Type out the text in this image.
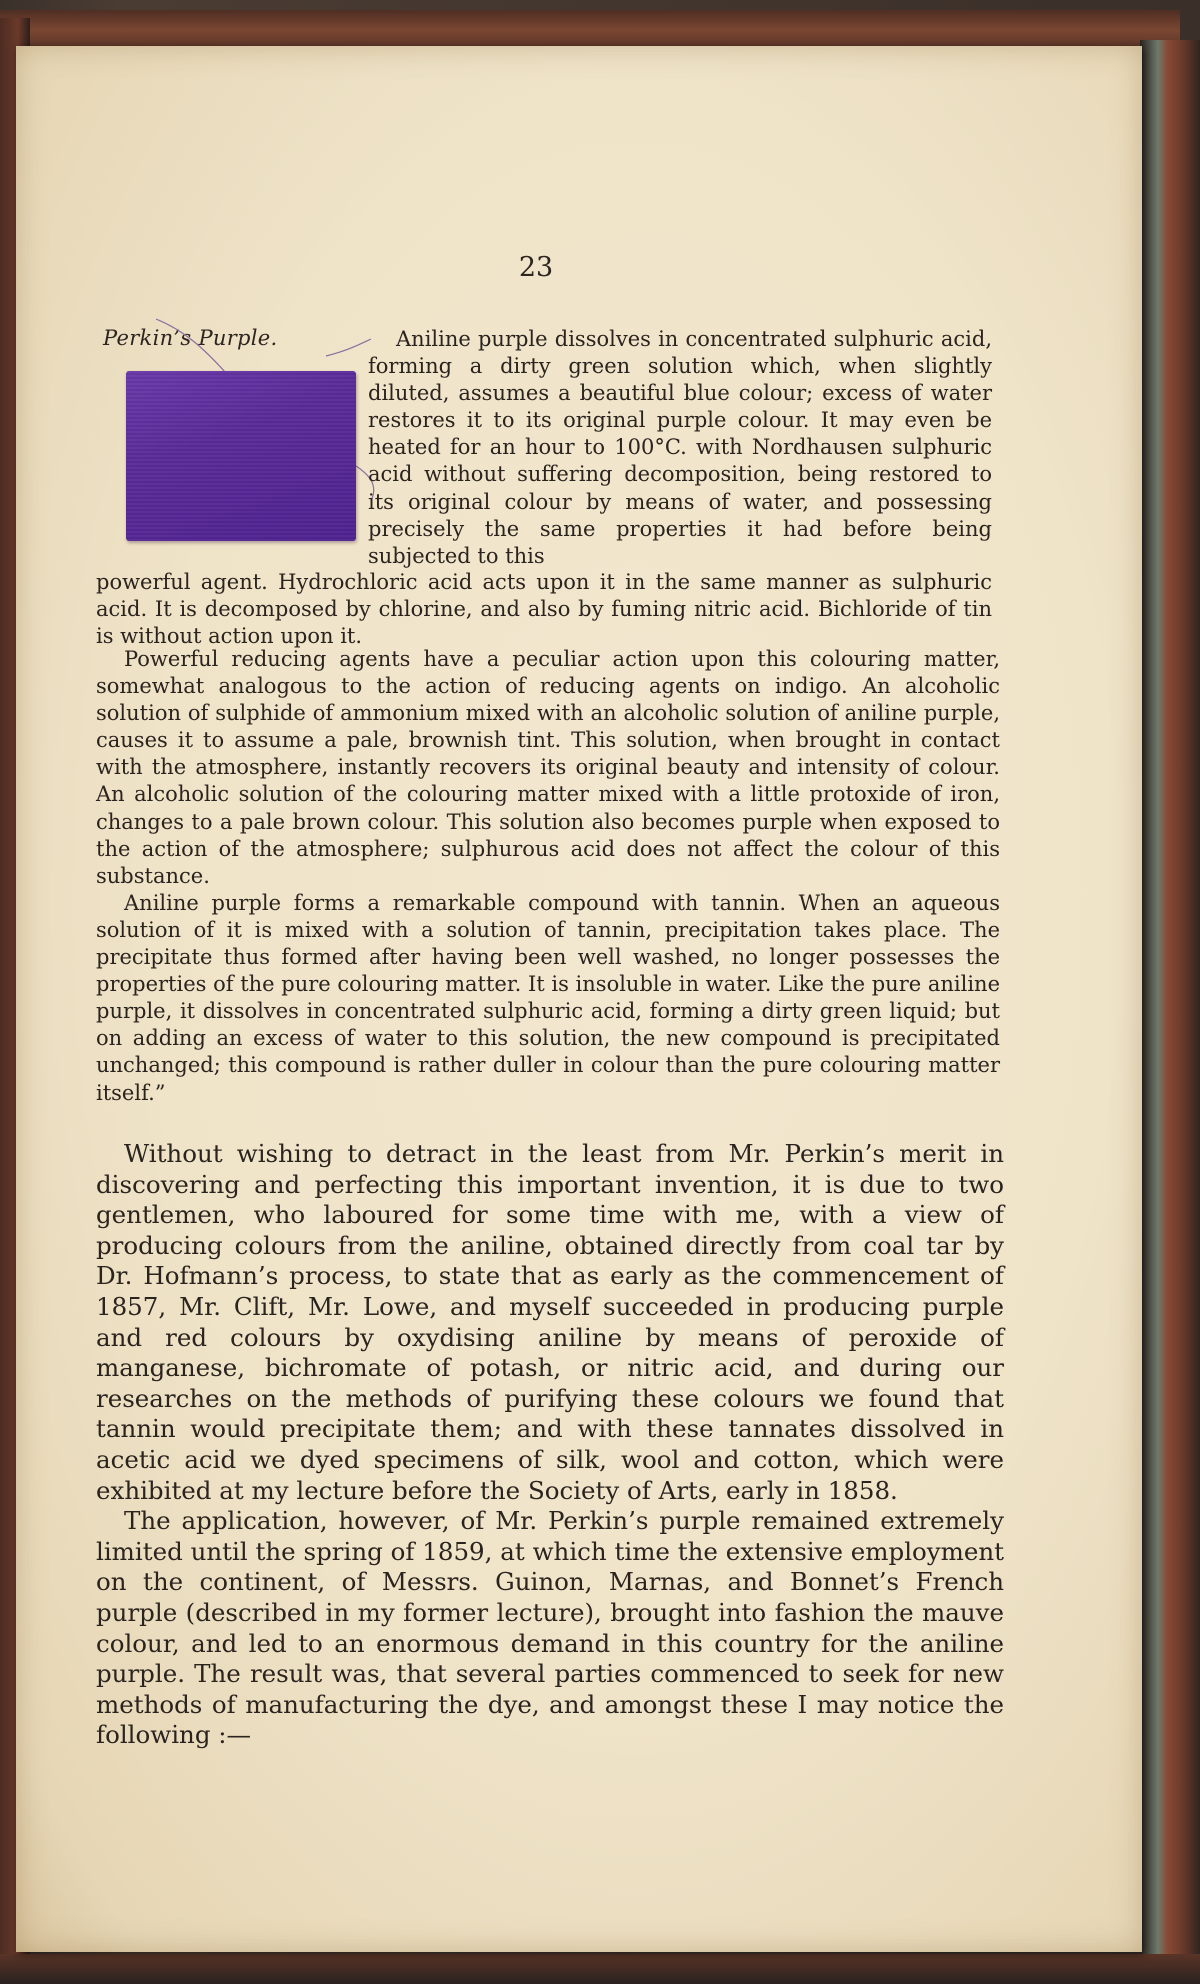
23
Perkin’s Purple.	Aniline purple dissolves in concentrated sulphuric acid, forming a dirty green solution which, when slightly diluted, assumes a beautiful blue colour; excess of water restores it to its original purple colour. It may even be heated for an hour to 100°C. with Nordhausen sulphuric acid without suffering decomposition, being restored to its original colour by means of water, and possessing precisely the same properties it had before being subjected to this

powerful agent. Hydrochloric acid acts upon it in the same manner as sulphuric acid. It is decomposed by chlorine, and also by fuming nitric acid. Bichloride of tin is without action upon it.

Powerful reducing agents have a peculiar action upon this colouring matter, somewhat analogous to the action of reducing agents on indigo. An alcoholic solution of sulphide of ammonium mixed with an alcoholic solution of aniline purple, causes it to assume a pale, brownish tint. This solution, when brought in contact with the atmosphere, instantly recovers its original beauty and intensity of colour. An alcoholic solution of the colouring matter mixed with a little protoxide of iron, changes to a pale brown colour. This solution also becomes purple when exposed to the action of the atmosphere; sulphurous acid does not affect the colour of this substance.

Aniline purple forms a remarkable compound with tannin. When an aqueous solution of it is mixed with a solution of tannin, precipitation takes place. The precipitate thus formed after having been well washed, no longer possesses the properties of the pure colouring matter. It is insoluble in water. Like the pure aniline purple, it dissolves in concentrated sulphuric acid, forming a dirty green liquid; but on adding an excess of water to this solution, the new compound is precipitated unchanged; this compound is rather duller in colour than the pure colouring matter itself.”

Without wishing to detract in the least from Mr. Perkin’s merit in discovering and perfecting this important invention, it is due to two gentlemen, who laboured for some time with me, with a view of producing colours from the aniline, obtained directly from coal tar by Dr. Hofmann’s process, to state that as early as the commencement of 1857, Mr. Clift, Mr. Lowe, and myself succeeded in producing purple and red colours by oxydising aniline by means of peroxide of manganese, bichromate of potash, or nitric acid, and during our researches on the methods of purifying these colours we found that tannin would precipitate them; and with these tannates dissolved in acetic acid we dyed specimens of silk, wool and cotton, which were exhibited at my lecture before the Society of Arts, early in 1858.

The application, however, of Mr. Perkin’s purple remained extremely limited until the spring of 1859, at which time the extensive employment on the continent, of Messrs. Guinon, Marnas, and Bonnet’s French purple (described in my former lecture), brought into fashion the mauve colour, and led to an enormous demand in this country for the aniline purple. The result was, that several parties commenced to seek for new methods of manufacturing the dye, and amongst these I may notice the following :—
